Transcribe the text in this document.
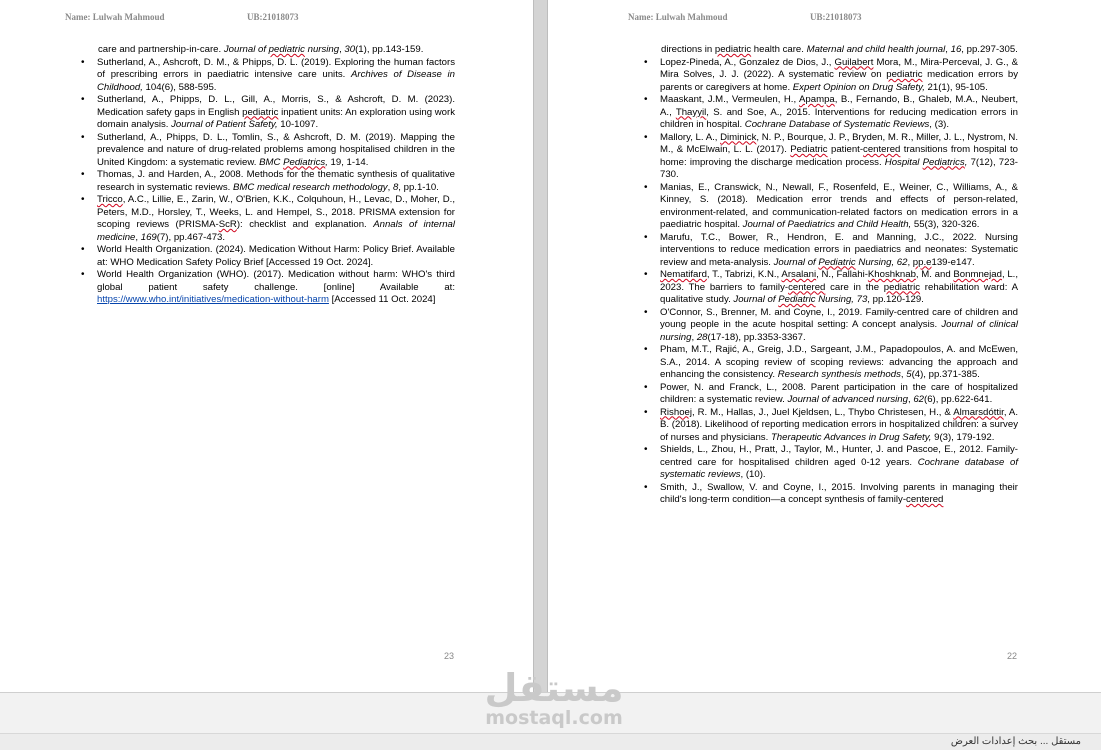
Name: Lulwah Mahmoud	UB:21018073
23

care and partnership-in-care. Journal of pediatric nursing, 30(1), pp.143-159.

• Sutherland, A., Ashcroft, D. M., & Phipps, D. L. (2019). Exploring the human factors of prescribing errors in paediatric intensive care units. Archives of Disease in Childhood, 104(6), 588-595.
• Sutherland, A., Phipps, D. L., Gill, A., Morris, S., & Ashcroft, D. M. (2023). Medication safety gaps in English pediatric inpatient units: An exploration using work domain analysis. Journal of Patient Safety, 10-1097.
• Sutherland, A., Phipps, D. L., Tomlin, S., & Ashcroft, D. M. (2019). Mapping the prevalence and nature of drug-related problems among hospitalised children in the United Kingdom: a systematic review. BMC Pediatrics, 19, 1-14.
• Thomas, J. and Harden, A., 2008. Methods for the thematic synthesis of qualitative research in systematic reviews. BMC medical research methodology, 8, pp.1-10.
• Tricco, A.C., Lillie, E., Zarin, W., O'Brien, K.K., Colquhoun, H., Levac, D., Moher, D., Peters, M.D., Horsley, T., Weeks, L. and Hempel, S., 2018. PRISMA extension for scoping reviews (PRISMA-ScR): checklist and explanation. Annals of internal medicine, 169(7), pp.467-473.
• World Health Organization. (2024). Medication Without Harm: Policy Brief. Available at: WHO Medication Safety Policy Brief [Accessed 19 Oct. 2024].
• World Health Organization (WHO). (2017). Medication without harm: WHO's third global patient safety challenge. [online] Available at: https://www.who.int/initiatives/medication-without-harm [Accessed 11 Oct. 2024]
Name: Lulwah Mahmoud	UB:21018073
22

directions in pediatric health care. Maternal and child health journal, 16, pp.297-305.

• Lopez-Pineda, A., Gonzalez de Dios, J., Guilabert Mora, M., Mira-Perceval, J. G., & Mira Solves, J. J. (2022). A systematic review on pediatric medication errors by parents or caregivers at home. Expert Opinion on Drug Safety, 21(1), 95-105.
• Maaskant, J.M., Vermeulen, H., Apampa, B., Fernando, B., Ghaleb, M.A., Neubert, A., Thayyil, S. and Soe, A., 2015. Interventions for reducing medication errors in children in hospital. Cochrane Database of Systematic Reviews, (3).
• Mallory, L. A., Diminick, N. P., Bourque, J. P., Bryden, M. R., Miller, J. L., Nystrom, N. M., & McElwain, L. L. (2017). Pediatric patient-centered transitions from hospital to home: improving the discharge medication process. Hospital Pediatrics, 7(12), 723-730.
• Manias, E., Cranswick, N., Newall, F., Rosenfeld, E., Weiner, C., Williams, A., & Kinney, S. (2018). Medication error trends and effects of person-related, environment-related, and communication-related factors on medication errors in a paediatric hospital. Journal of Paediatrics and Child Health, 55(3), 320-326.
• Marufu, T.C., Bower, R., Hendron, E. and Manning, J.C., 2022. Nursing interventions to reduce medication errors in paediatrics and neonates: Systematic review and meta-analysis. Journal of Pediatric Nursing, 62, pp.e139-e147.
• Nematifard, T., Tabrizi, K.N., Arsalani, N., Fallahi-Khoshknab, M. and Bonmnejad, L., 2023. The barriers to family-centered care in the pediatric rehabilitation ward: A qualitative study. Journal of Pediatric Nursing, 73, pp.120-129.
• O'Connor, S., Brenner, M. and Coyne, I., 2019. Family-centred care of children and young people in the acute hospital setting: A concept analysis. Journal of clinical nursing, 28(17-18), pp.3353-3367.
• Pham, M.T., Rajić, A., Greig, J.D., Sargeant, J.M., Papadopoulos, A. and McEwen, S.A., 2014. A scoping review of scoping reviews: advancing the approach and enhancing the consistency. Research synthesis methods, 5(4), pp.371-385.
• Power, N. and Franck, L., 2008. Parent participation in the care of hospitalized children: a systematic review. Journal of advanced nursing, 62(6), pp.622-641.
• Rishoej, R. M., Hallas, J., Juel Kjeldsen, L., Thybo Christesen, H., & Almarsdóttir, A. B. (2018). Likelihood of reporting medication errors in hospitalized children: a survey of nurses and physicians. Therapeutic Advances in Drug Safety, 9(3), 179-192.
• Shields, L., Zhou, H., Pratt, J., Taylor, M., Hunter, J. and Pascoe, E., 2012. Family-centred care for hospitalised children aged 0-12 years. Cochrane database of systematic reviews, (10).
• Smith, J., Swallow, V. and Coyne, I., 2015. Involving parents in managing their child's long-term condition—a concept synthesis of family-centered
مستقل ... بحث إعدادات العرض
مستقل
mostaql.com
